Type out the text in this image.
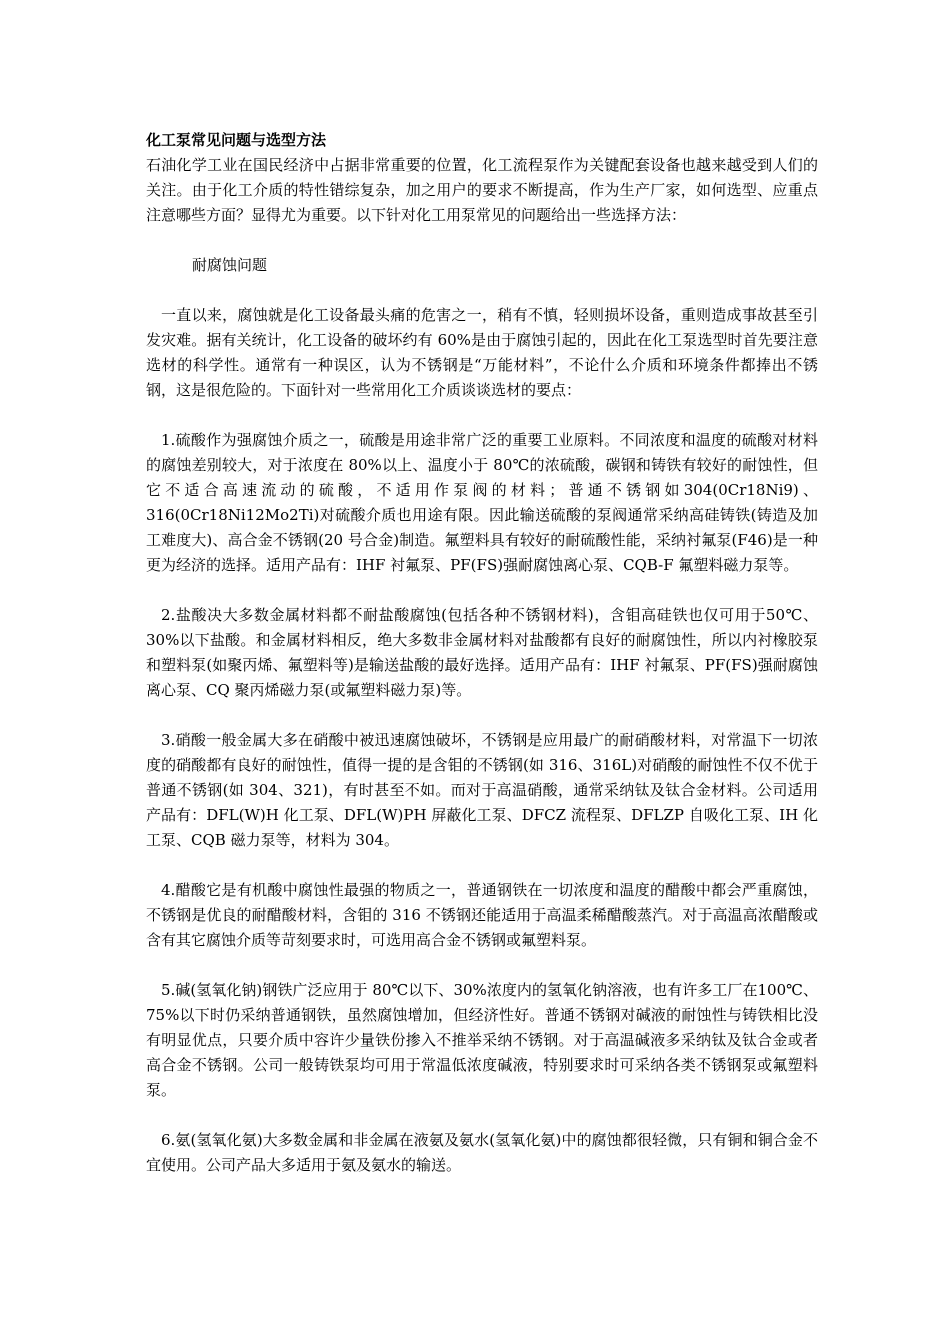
化工泵常见问题与选型方法

石油化学工业在国民经济中占据非常重要的位置，化工流程泵作为关键配套设备也越来越受到人们的关注。由于化工介质的特性错综复杂，加之用户的要求不断提高，作为生产厂家，如何选型、应重点注意哪些方面？显得尤为重要。以下针对化工用泵常见的问题给出一些选择方法：

耐腐蚀问题

一直以来，腐蚀就是化工设备最头痛的危害之一，稍有不慎，轻则损坏设备，重则造成事故甚至引发灾难。据有关统计，化工设备的破坏约有 60%是由于腐蚀引起的，因此在化工泵选型时首先要注意选材的科学性。通常有一种误区，认为不锈钢是“万能材料”，不论什么介质和环境条件都捧出不锈钢，这是很危险的。下面针对一些常用化工介质谈谈选材的要点：

1.硫酸作为强腐蚀介质之一，硫酸是用途非常广泛的重要工业原料。不同浓度和温度的硫酸对材料的腐蚀差别较大，对于浓度在 80%以上、温度小于 80℃的浓硫酸，碳钢和铸铁有较好的耐蚀性，但它不适合高速流动的硫酸，不适用作泵阀的材料；普通不锈钢如304(0Cr18Ni9)、316(0Cr18Ni12Mo2Ti)对硫酸介质也用途有限。因此输送硫酸的泵阀通常采纳高硅铸铁(铸造及加工难度大)、高合金不锈钢(20 号合金)制造。氟塑料具有较好的耐硫酸性能，采纳衬氟泵(F46)是一种更为经济的选择。适用产品有：IHF 衬氟泵、PF(FS)强耐腐蚀离心泵、CQB-F 氟塑料磁力泵等。

2.盐酸决大多数金属材料都不耐盐酸腐蚀(包括各种不锈钢材料)，含钼高硅铁也仅可用于50℃、30%以下盐酸。和金属材料相反，绝大多数非金属材料对盐酸都有良好的耐腐蚀性，所以内衬橡胶泵和塑料泵(如聚丙烯、氟塑料等)是输送盐酸的最好选择。适用产品有：IHF 衬氟泵、PF(FS)强耐腐蚀离心泵、CQ 聚丙烯磁力泵(或氟塑料磁力泵)等。

3.硝酸一般金属大多在硝酸中被迅速腐蚀破坏，不锈钢是应用最广的耐硝酸材料，对常温下一切浓度的硝酸都有良好的耐蚀性，值得一提的是含钼的不锈钢(如 316、316L)对硝酸的耐蚀性不仅不优于普通不锈钢(如 304、321)，有时甚至不如。而对于高温硝酸，通常采纳钛及钛合金材料。公司适用产品有：DFL(W)H 化工泵、DFL(W)PH 屏蔽化工泵、DFCZ 流程泵、DFLZP 自吸化工泵、IH 化工泵、CQB 磁力泵等，材料为 304。

4.醋酸它是有机酸中腐蚀性最强的物质之一，普通钢铁在一切浓度和温度的醋酸中都会严重腐蚀，不锈钢是优良的耐醋酸材料，含钼的 316 不锈钢还能适用于高温柔稀醋酸蒸汽。对于高温高浓醋酸或含有其它腐蚀介质等苛刻要求时，可选用高合金不锈钢或氟塑料泵。

5.碱(氢氧化钠)钢铁广泛应用于 80℃以下、30%浓度内的氢氧化钠溶液，也有许多工厂在100℃、75%以下时仍采纳普通钢铁，虽然腐蚀增加，但经济性好。普通不锈钢对碱液的耐蚀性与铸铁相比没有明显优点，只要介质中容许少量铁份掺入不推举采纳不锈钢。对于高温碱液多采纳钛及钛合金或者高合金不锈钢。公司一般铸铁泵均可用于常温低浓度碱液，特别要求时可采纳各类不锈钢泵或氟塑料泵。

6.氨(氢氧化氨)大多数金属和非金属在液氨及氨水(氢氧化氨)中的腐蚀都很轻微，只有铜和铜合金不宜使用。公司产品大多适用于氨及氨水的输送。
